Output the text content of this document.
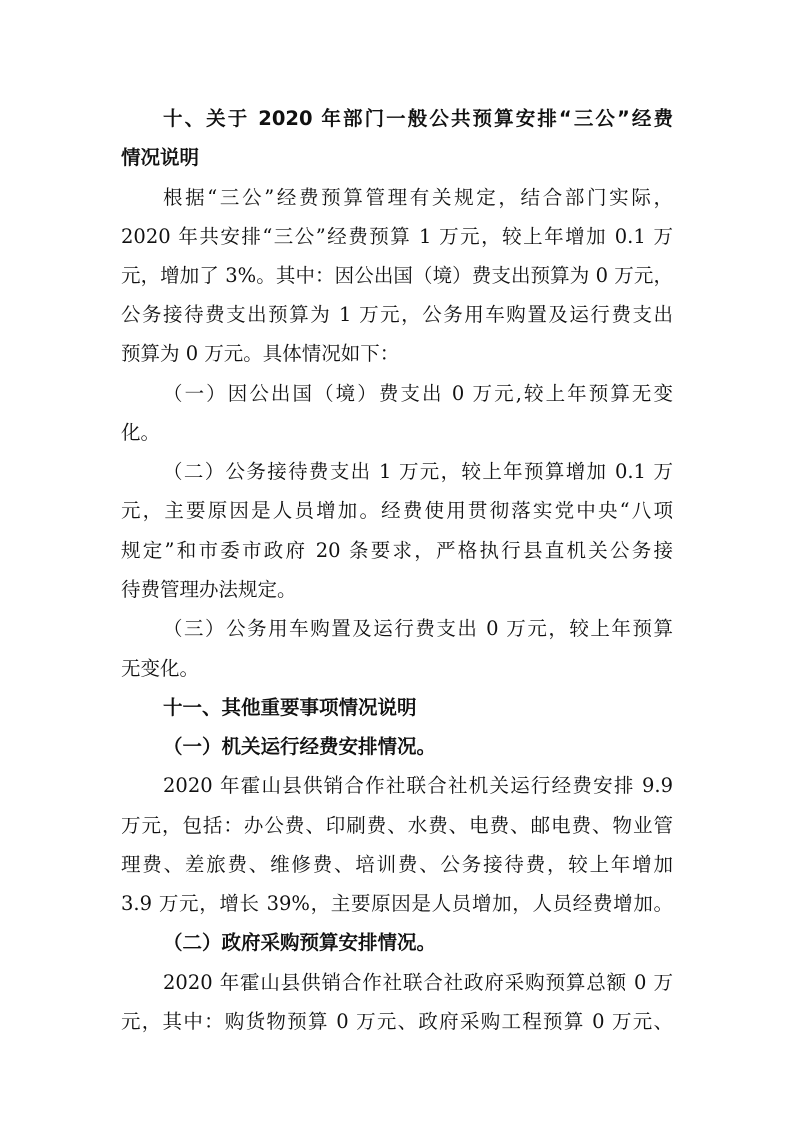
十、关于 2020 年部门一般公共预算安排“三公”经费
情况说明
根据“三公”经费预算管理有关规定，结合部门实际，
2020 年共安排“三公”经费预算 1 万元，较上年增加 0.1 万
元，增加了 3%。其中：因公出国（境）费支出预算为 0 万元，
公务接待费支出预算为 1 万元，公务用车购置及运行费支出
预算为 0 万元。具体情况如下：
（一）因公出国（境）费支出 0 万元,较上年预算无变
化。
（二）公务接待费支出 1 万元，较上年预算增加 0.1 万
元，主要原因是人员增加。经费使用贯彻落实党中央“八项
规定”和市委市政府 20 条要求，严格执行县直机关公务接
待费管理办法规定。
（三）公务用车购置及运行费支出 0 万元，较上年预算
无变化。
十一、其他重要事项情况说明
（一）机关运行经费安排情况。
2020 年霍山县供销合作社联合社机关运行经费安排 9.9
万元，包括：办公费、印刷费、水费、电费、邮电费、物业管
理费、差旅费、维修费、培训费、公务接待费，较上年增加
3.9 万元，增长 39%，主要原因是人员增加，人员经费增加。
（二）政府采购预算安排情况。
2020 年霍山县供销合作社联合社政府采购预算总额 0 万
元，其中：购货物预算 0 万元、政府采购工程预算 0 万元、
